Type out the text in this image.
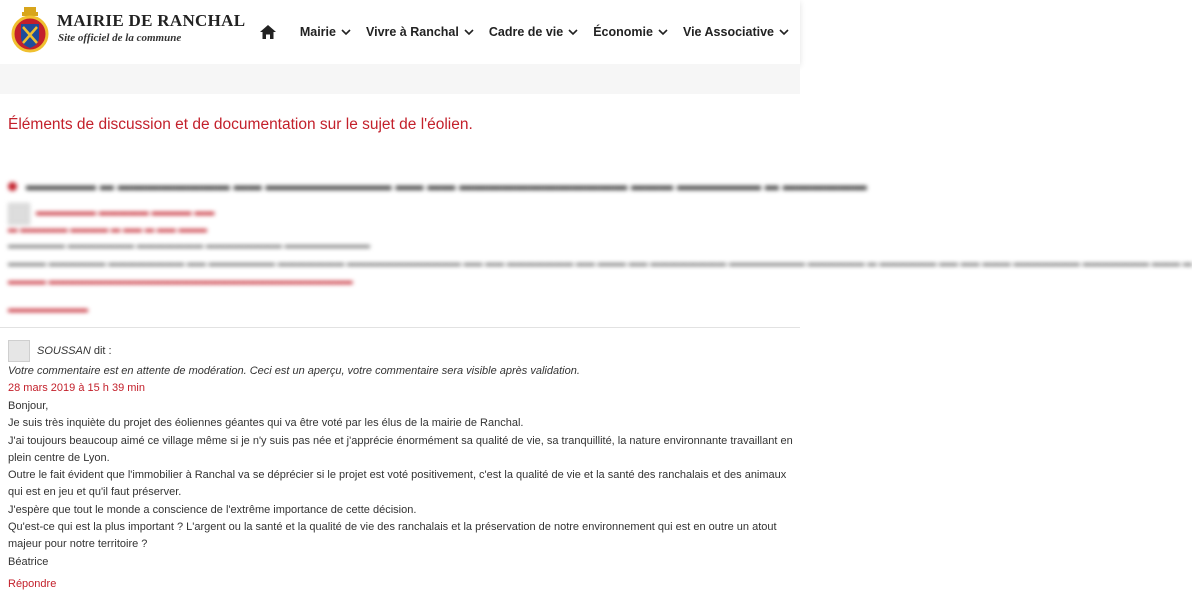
MAIRIE DE RANCHAL
Site officiel de la commune	Mairie Vivre à Ranchal Cadre de vie Économie Vie Associative
Éléments de discussion et de documentation sur le sujet de l'éolien.
▬▬▬▬▬ ▬ ▬▬▬▬▬▬▬▬ ▬▬ ▬▬▬▬▬▬▬▬▬ ▬▬ ▬▬ ▬▬▬▬▬▬▬▬▬▬▬▬ ▬▬▬ ▬▬▬▬▬▬ ▬ ▬▬▬▬▬▬
▬▬▬▬▬▬ ▬▬▬▬▬ ▬▬▬▬ ▬▬
▬ ▬▬▬▬▬ ▬▬▬▬ ▬ ▬▬ ▬ ▬▬ ▬▬▬
▬▬▬▬▬▬ ▬▬▬▬▬▬▬ ▬▬▬▬▬▬▬ ▬▬▬▬▬▬▬▬ ▬▬▬▬▬▬▬▬▬
▬▬▬▬ ▬▬▬▬▬▬ ▬▬▬▬▬▬▬▬ ▬▬ ▬▬▬▬▬▬▬ ▬▬▬▬▬▬▬ ▬▬▬▬▬▬▬▬▬▬▬▬ ▬▬ ▬▬ ▬▬▬▬▬▬▬ ▬▬ ▬▬▬ ▬▬ ▬▬▬▬▬▬▬▬ ▬▬▬▬▬▬▬▬ ▬▬▬▬▬▬ ▬ ▬▬▬▬▬▬ ▬▬ ▬▬ ▬▬▬ ▬▬▬▬▬▬▬ ▬▬▬▬▬▬▬ ▬▬▬ ▬
▬▬▬▬ ▬▬▬▬▬▬▬▬▬▬▬▬▬▬▬▬▬▬▬▬▬▬▬▬▬▬▬▬▬▬▬▬
▬▬▬▬▬▬▬▬
SOUSSAN dit :
Votre commentaire est en attente de modération. Ceci est un aperçu, votre commentaire sera visible après validation.
28 mars 2019 à 15 h 39 min

Bonjour,

Je suis très inquiète du projet des éoliennes géantes qui va être voté par les élus de la mairie de Ranchal.

J'ai toujours beaucoup aimé ce village même si je n'y suis pas née et j'apprécie énormément sa qualité de vie, sa tranquillité, la nature environnante travaillant en plein centre de Lyon.

Outre le fait évident que l'immobilier à Ranchal va se déprécier si le projet est voté positivement, c'est la qualité de vie et la santé des ranchalais et des animaux qui est en jeu et qu'il faut préserver.

J'espère que tout le monde a conscience de l'extrême importance de cette décision.

Qu'est-ce qui est la plus important ? L'argent ou la santé et la qualité de vie des ranchalais et la préservation de notre environnement qui est en outre un atout majeur pour notre territoire ?

Béatrice

Répondre
